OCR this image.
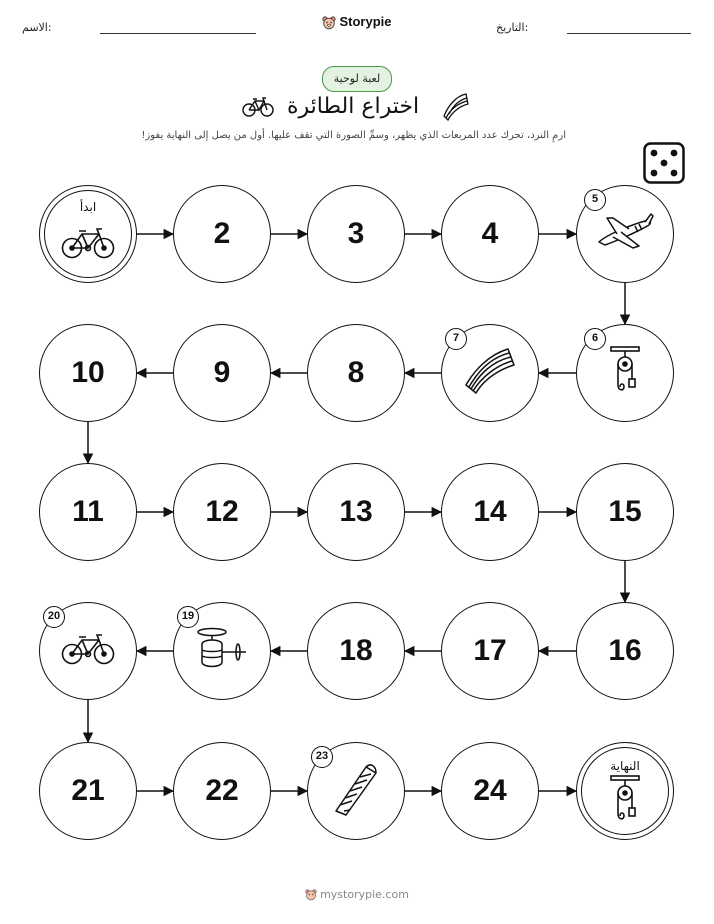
الاسم:	التاريخ:
Storypie
لعبة لوحية
اختراع الطائرة
ارمِ النرد، تحرك عدد المربعات الذي يظهر، وسمِّ الصورة التي تقف عليها. أول من يصل إلى النهاية يفوز!
ابدأ
2	3	4
5
6
7
8
9
10
11	12	13	14	15
16
17
18
19
20
21	22
23
24
النهاية
mystorypie.com
